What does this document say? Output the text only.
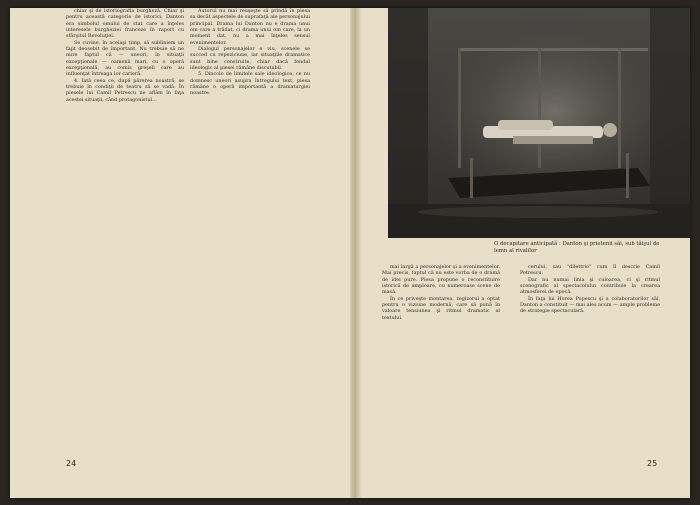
chiar şi de istoriografia burgheză. Chiar şi pentru această categorie de istorici, Danton era simbolul omului de stat care a înţeles interesele burgheziei franceze în raport cu sfârşitul Revoluţiei.

Se cuvine, în acelaşi timp, să subliniem un fapt deosebit de important. Nu trebuie să ne mire faptul că — uneori, în situaţii excepţionale — oamenii mari, cu o operă excepţională, au comis greşeli care au influenţat întreaga lor carieră.

4. Iată ceea ce, după părerea noastră, se trebuie în condiţii de teatru să se vadă. În piesele lui Camil Petrescu ne aflăm în faţa acestei situaţii, când protagonistul...

Autorul nu mai reuşeşte să prindă în piesa sa decât aspectele de suprafaţă ale personajului principal. Drama lui Danton nu e drama unui om care a trădat, ci drama unui om care, la un moment dat, nu a mai înţeles sensul evenimentelor.

Dialogul personajelor e viu, scenele se succed cu repeziciune, iar situaţiile dramatice sunt bine construite, chiar dacă fondul ideologic al piesei rămâne discutabil.

5. Dincolo de limitele sale ideologice, ce nu domnesc uneori asupra întregului text, piesa rămâne o operă importantă a dramaturgiei noastre.

24
O decapitare anticipată : Danton şi prietenii săi, sub tăişul de lemn al rivalilor

mai largă a personajelor şi a evenimentelor. Mai precis, faptul că nu este vorba de o dramă de idei pure. Piesa propune o reconstituire istorică de amploare, cu numeroase scene de masă.

În ce priveşte montarea, regizorul a optat pentru o viziune modernă, care să pună în valoare tensiunea şi ritmul dramatic al textului.

cerului, sau "dilettrio" cum îl descrie Camil Petrescu.

Dar nu numai linia şi culoarea, ci şi ritmul scenografic al spectacolului contribuie la crearea atmosferei de epocă.

În faţa lui Horea Popescu şi a colaboratorilor săi, Danton a constituit — mai ales acum — ample probleme de strategie spectaculară.

25
